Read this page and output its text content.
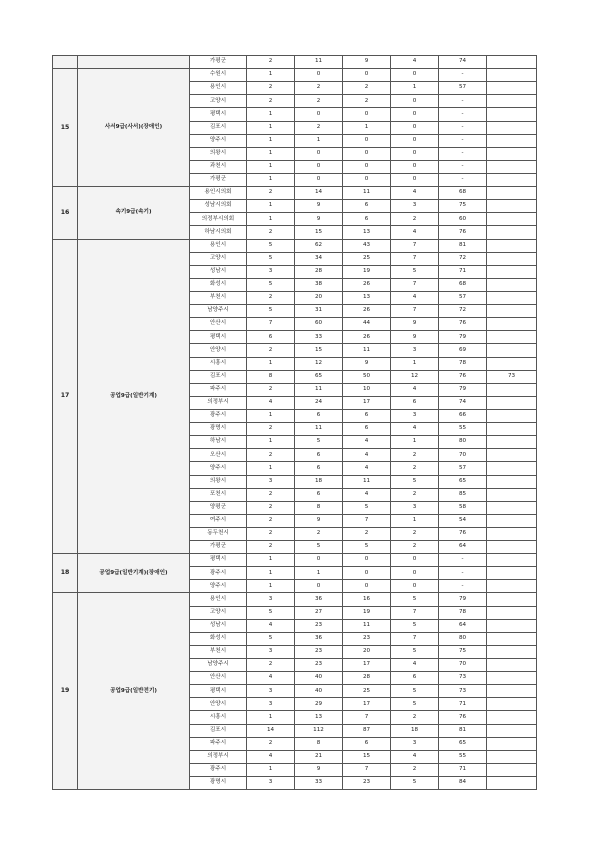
		가평군	2	11	9	4	74	
15	사서9급(사서)(장애인)	수원시	1	0	0	0	-	
		용인시	2	2	2	1	57	
		고양시	2	2	2	0	-	
		평택시	1	0	0	0	-	
		김포시	1	2	1	0	-	
		양주시	1	1	0	0	-	
		의왕시	1	0	0	0	-	
		과천시	1	0	0	0	-	
		가평군	1	0	0	0	-	
16	속기9급(속기)	용인시의회	2	14	11	4	68	
		성남시의회	1	9	6	3	75	
		의정부시의회	1	9	6	2	60	
		하남시의회	2	15	13	4	76	
17	공업9급(일반기계)	용인시	5	62	43	7	81	
		고양시	5	34	25	7	72	
		성남시	3	28	19	5	71	
		화성시	5	38	26	7	68	
		부천시	2	20	13	4	57	
		남양주시	5	31	26	7	72	
		안산시	7	60	44	9	76	
		평택시	6	33	26	9	79	
		안양시	2	15	11	3	69	
		시흥시	1	12	9	1	78	
		김포시	8	65	50	12	76	73
		파주시	2	11	10	4	79	
		의정부시	4	24	17	6	74	
		광주시	1	6	6	3	66	
		광명시	2	11	6	4	55	
		하남시	1	5	4	1	80	
		오산시	2	6	4	2	70	
		양주시	1	6	4	2	57	
		의왕시	3	18	11	5	65	
		포천시	2	6	4	2	85	
		양평군	2	8	5	3	58	
		여주시	2	9	7	1	54	
		동두천시	2	2	2	2	76	
		가평군	2	5	5	2	64	
18	공업9급(일반기계)(장애인)	평택시	1	0	0	0	-	
		광주시	1	1	0	0	-	
		양주시	1	0	0	0	-	
19	공업9급(일반전기)	용인시	3	36	16	5	79	
		고양시	5	27	19	7	78	
		성남시	4	23	11	5	64	
		화성시	5	36	23	7	80	
		부천시	3	23	20	5	75	
		남양주시	2	23	17	4	70	
		안산시	4	40	28	6	73	
		평택시	3	40	25	5	73	
		안양시	3	29	17	5	71	
		시흥시	1	13	7	2	76	
		김포시	14	112	87	18	81	
		파주시	2	8	6	3	65	
		의정부시	4	21	15	4	55	
		광주시	1	9	7	2	71	
		광명시	3	33	23	5	84	
